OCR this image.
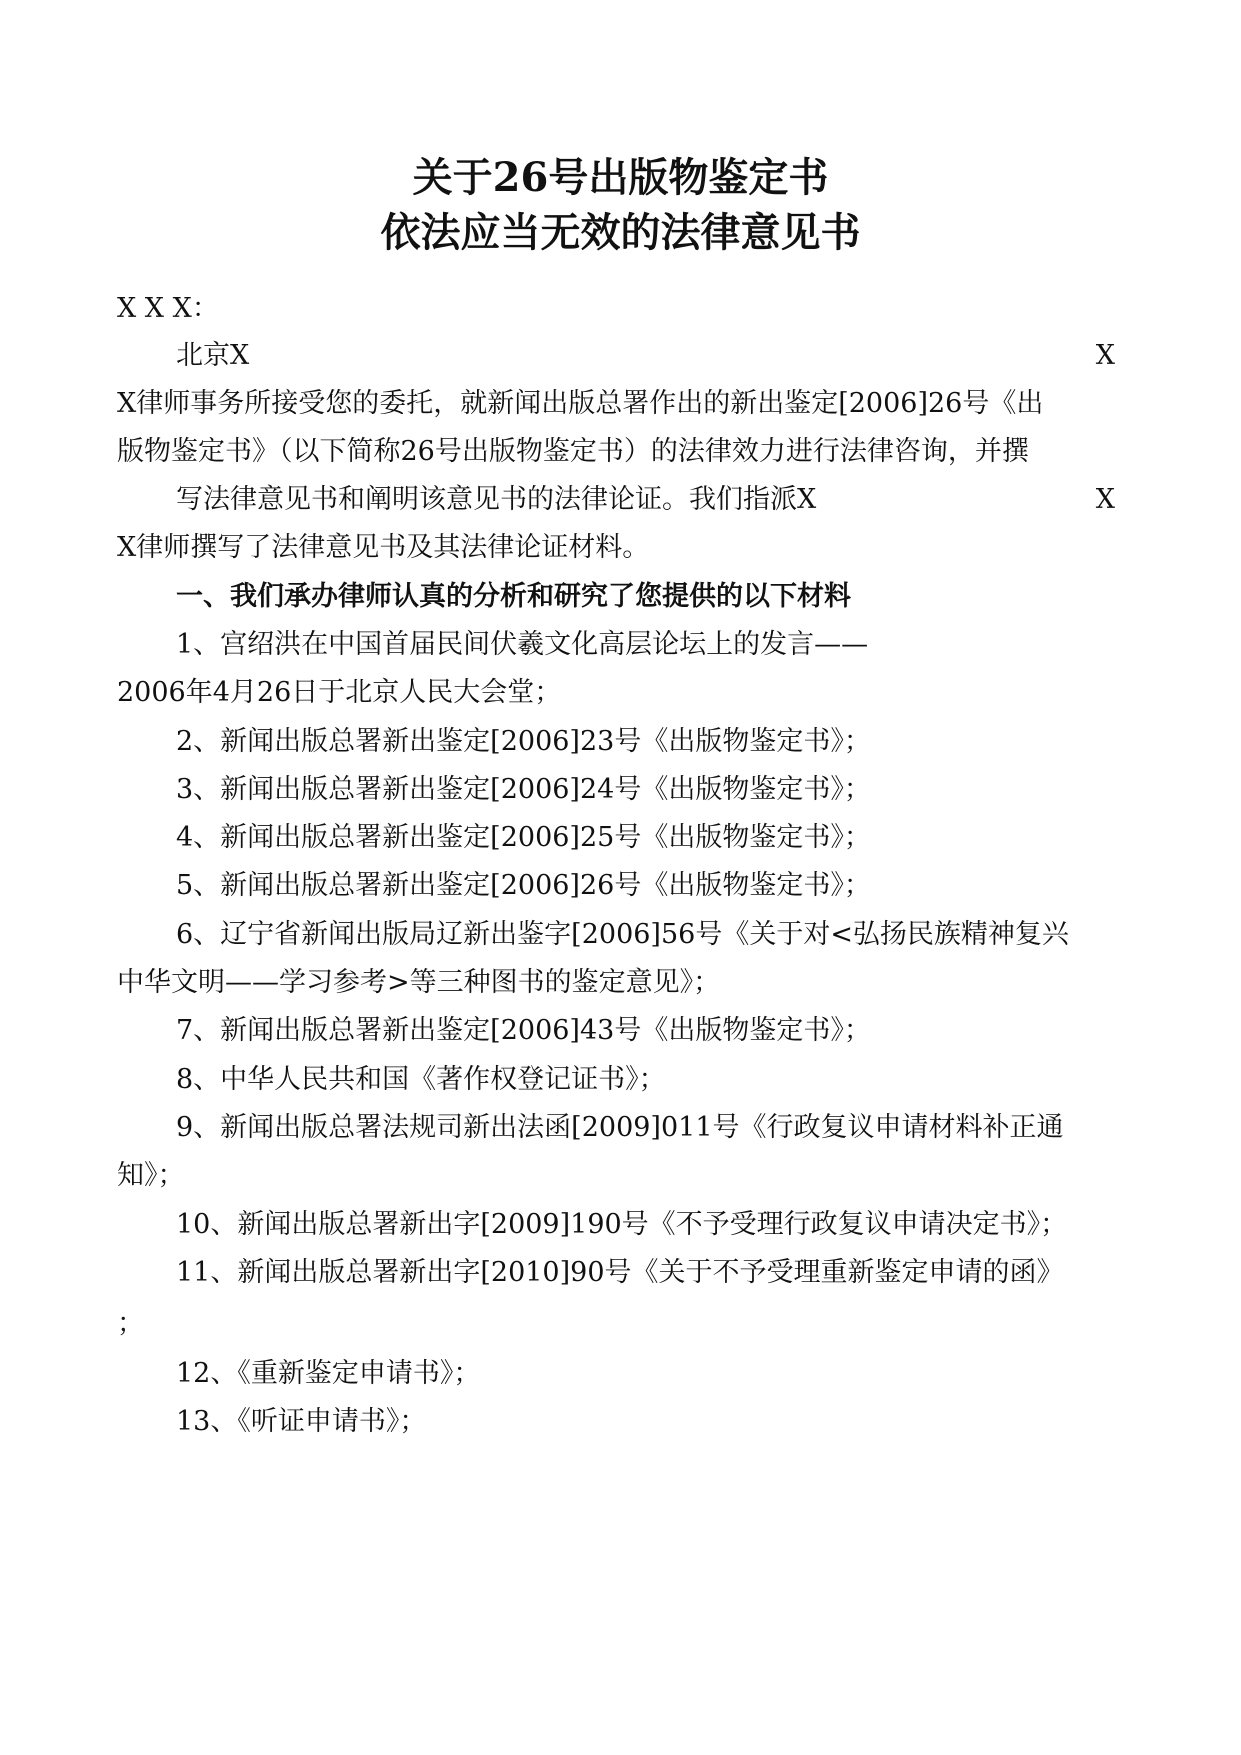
关于26号出版物鉴定书
依法应当无效的法律意见书
X X X：
北京X	X
X律师事务所接受您的委托，就新闻出版总署作出的新出鉴定[2006]26号《出
版物鉴定书》（以下简称26号出版物鉴定书）的法律效力进行法律咨询，并撰
写法律意见书和阐明该意见书的法律论证。我们指派X	X
X律师撰写了法律意见书及其法律论证材料。
一、我们承办律师认真的分析和研究了您提供的以下材料
1、宫绍洪在中国首届民间伏羲文化高层论坛上的发言——
2006年4月26日于北京人民大会堂；
2、新闻出版总署新出鉴定[2006]23号《出版物鉴定书》；
3、新闻出版总署新出鉴定[2006]24号《出版物鉴定书》；
4、新闻出版总署新出鉴定[2006]25号《出版物鉴定书》；
5、新闻出版总署新出鉴定[2006]26号《出版物鉴定书》；
6、辽宁省新闻出版局辽新出鉴字[2006]56号《关于对<弘扬民族精神复兴
中华文明——学习参考>等三种图书的鉴定意见》；
7、新闻出版总署新出鉴定[2006]43号《出版物鉴定书》；
8、中华人民共和国《著作权登记证书》；
9、新闻出版总署法规司新出法函[2009]011号《行政复议申请材料补正通
知》；
10、新闻出版总署新出字[2009]190号《不予受理行政复议申请决定书》；
11、新闻出版总署新出字[2010]90号《关于不予受理重新鉴定申请的函》
；
12、《重新鉴定申请书》；
13、《听证申请书》；
